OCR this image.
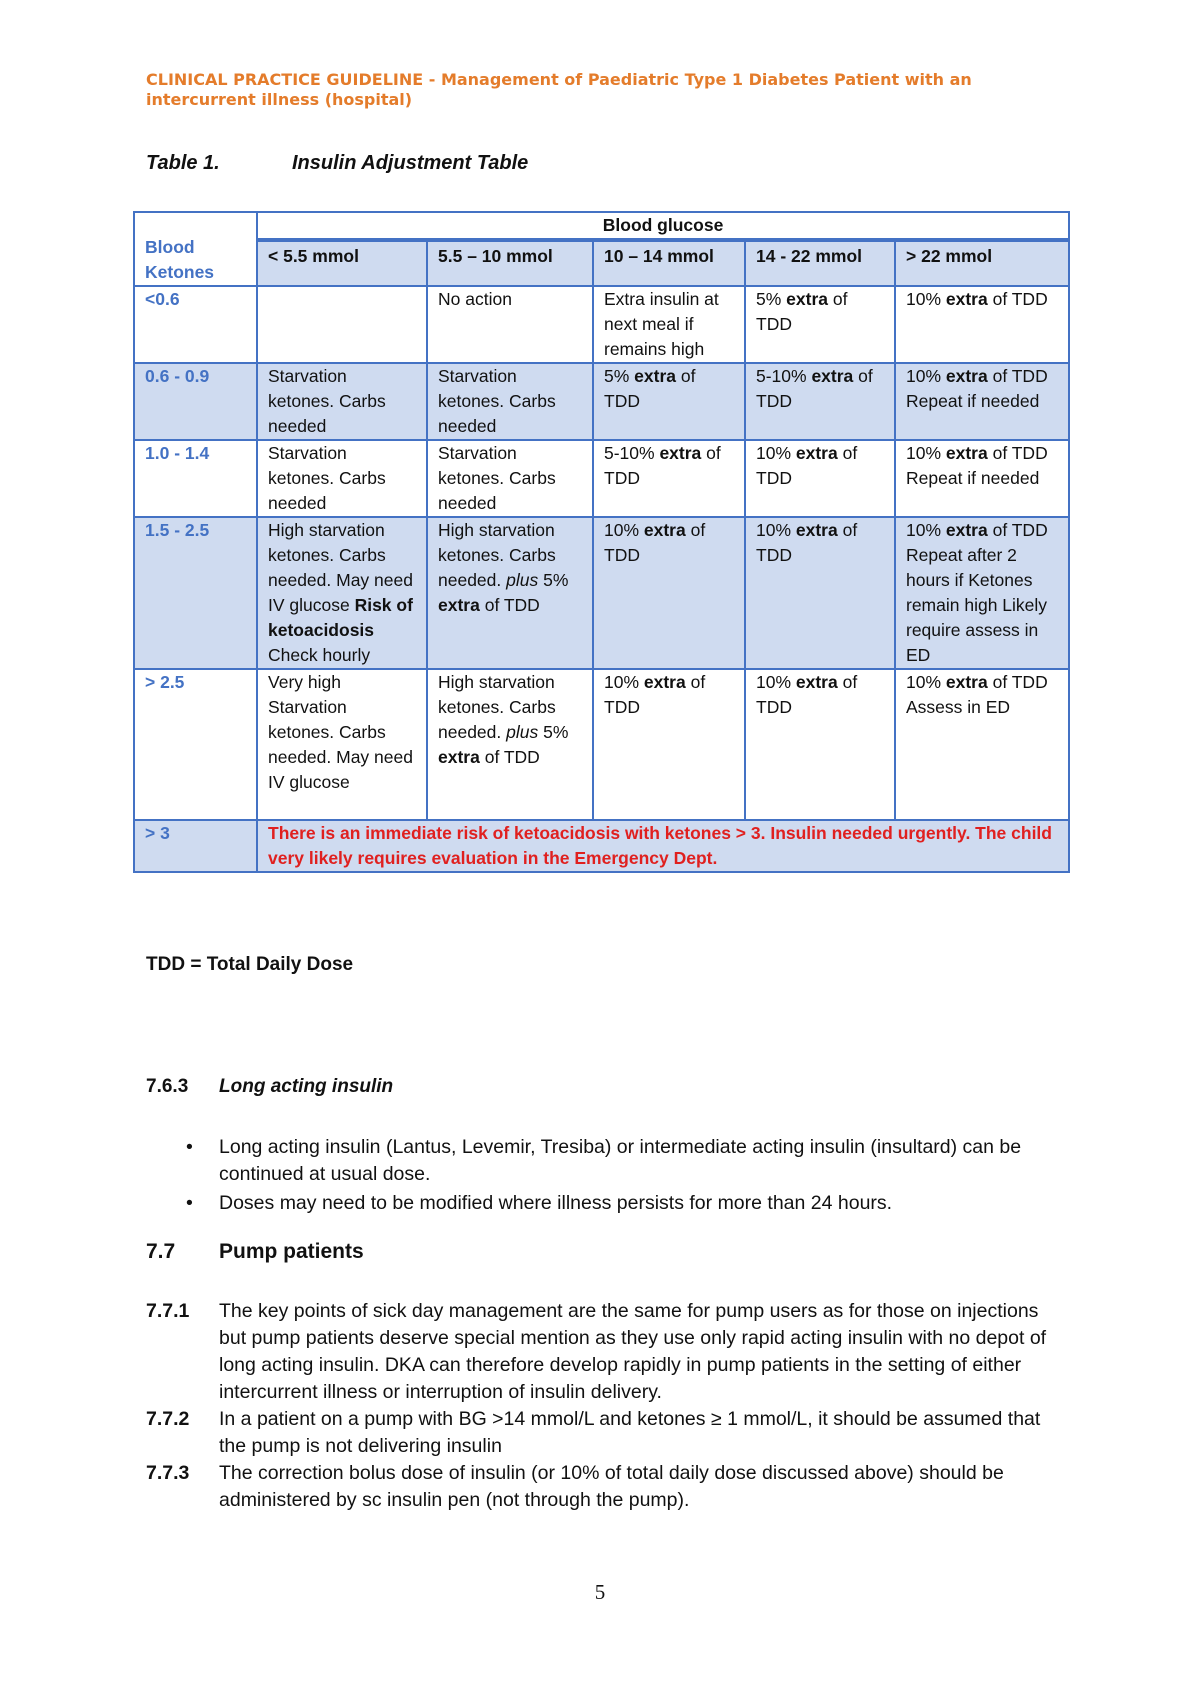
CLINICAL PRACTICE GUIDELINE - Management of Paediatric Type 1 Diabetes Patient with an
intercurrent illness (hospital)
Table 1.	Insulin Adjustment Table
Blood Ketones	Blood glucose				
	< 5.5 mmol	5.5 – 10 mmol	10 – 14 mmol	14 - 22 mmol	> 22 mmol
<0.6		No action	Extra insulin at next meal if remains high	5% extra of TDD	10% extra of TDD
0.6 - 0.9	Starvation ketones. Carbs needed	Starvation ketones. Carbs needed	5% extra of TDD	5-10% extra of TDD	10% extra of TDD Repeat if needed
1.0 - 1.4	Starvation ketones. Carbs needed	Starvation ketones. Carbs needed	5-10% extra of TDD	10% extra of TDD	10% extra of TDD Repeat if needed
1.5 - 2.5	High starvation ketones. Carbs needed. May need IV glucose Risk of ketoacidosis Check hourly	High starvation ketones. Carbs needed. plus 5% extra of TDD	10% extra of TDD	10% extra of TDD	10% extra of TDD Repeat after 2 hours if Ketones remain high Likely require assess in ED
> 2.5	Very high Starvation ketones. Carbs needed. May need IV glucose	High starvation ketones. Carbs needed. plus 5% extra of TDD	10% extra of TDD	10% extra of TDD	10% extra of TDD Assess in ED
> 3	There is an immediate risk of ketoacidosis with ketones > 3. Insulin needed urgently. The child very likely requires evaluation in the Emergency Dept.				
TDD = Total Daily Dose
7.6.3 Long acting insulin
• Long acting insulin (Lantus, Levemir, Tresiba) or intermediate acting insulin (insultard) can be continued at usual dose.
• Doses may need to be modified where illness persists for more than 24 hours.
7.7 Pump patients
7.7.1 The key points of sick day management are the same for pump users as for those on injections but pump patients deserve special mention as they use only rapid acting insulin with no depot of long acting insulin. DKA can therefore develop rapidly in pump patients in the setting of either intercurrent illness or interruption of insulin delivery.
7.7.2 In a patient on a pump with BG >14 mmol/L and ketones ≥ 1 mmol/L, it should be assumed that the pump is not delivering insulin
7.7.3 The correction bolus dose of insulin (or 10% of total daily dose discussed above) should be administered by sc insulin pen (not through the pump).
5
